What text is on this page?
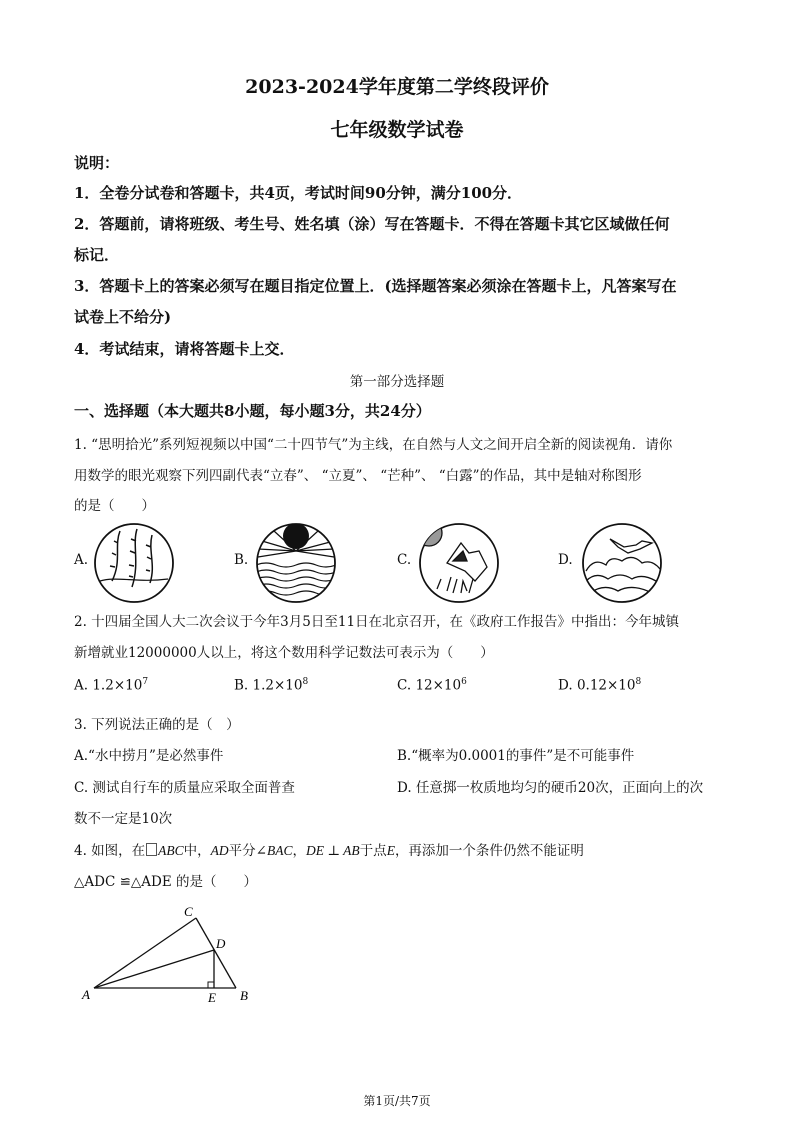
2023-2024学年度第二学终段评价
七年级数学试卷
说明：
1．全卷分试卷和答题卡，共4页，考试时间90分钟，满分100分．
2．答题前，请将班级、考生号、姓名填（涂）写在答题卡．不得在答题卡其它区域做任何
标记．
3．答题卡上的答案必须写在题目指定位置上．(选择题答案必须涂在答题卡上，凡答案写在
试卷上不给分)
4．考试结束，请将答题卡上交．
第一部分选择题
一、选择题（本大题共8小题，每小题3分，共24分）
1. “思明拾光”系列短视频以中国“二十四节气”为主线，在自然与人文之间开启全新的阅读视角．请你
用数学的眼光观察下列四副代表“立春”、 “立夏”、 “芒种”、 “白露”的作品，其中是轴对称图形
的是（　　）
A.	B.	C.	D.
2. 十四届全国人大二次会议于今年3月5日至11日在北京召开，在《政府工作报告》中指出：今年城镇
新增就业12000000人以上，将这个数用科学记数法可表示为（　　）
A. $1.2\times 10^7$	B. $1.2\times 10^8$	C. $12\times 10^6$	D. $0.12\times 10^8$
3. 下列说法正确的是（　）
A.“水中捞月”是必然事件	B.“概率为0.0001的事件”是不可能事件
C. 测试自行车的质量应采取全面普查	D. 任意掷一枚质地均匀的硬币20次，正面向上的次
数不一定是10次
4. 如图，在 ABC中，AD平分∠BAC，DE ⊥ AB于点E，再添加一个条件仍然不能证明
△ADC ≌△ADE 的是（　　）
A	B
C
D
E
第1页/共7页
